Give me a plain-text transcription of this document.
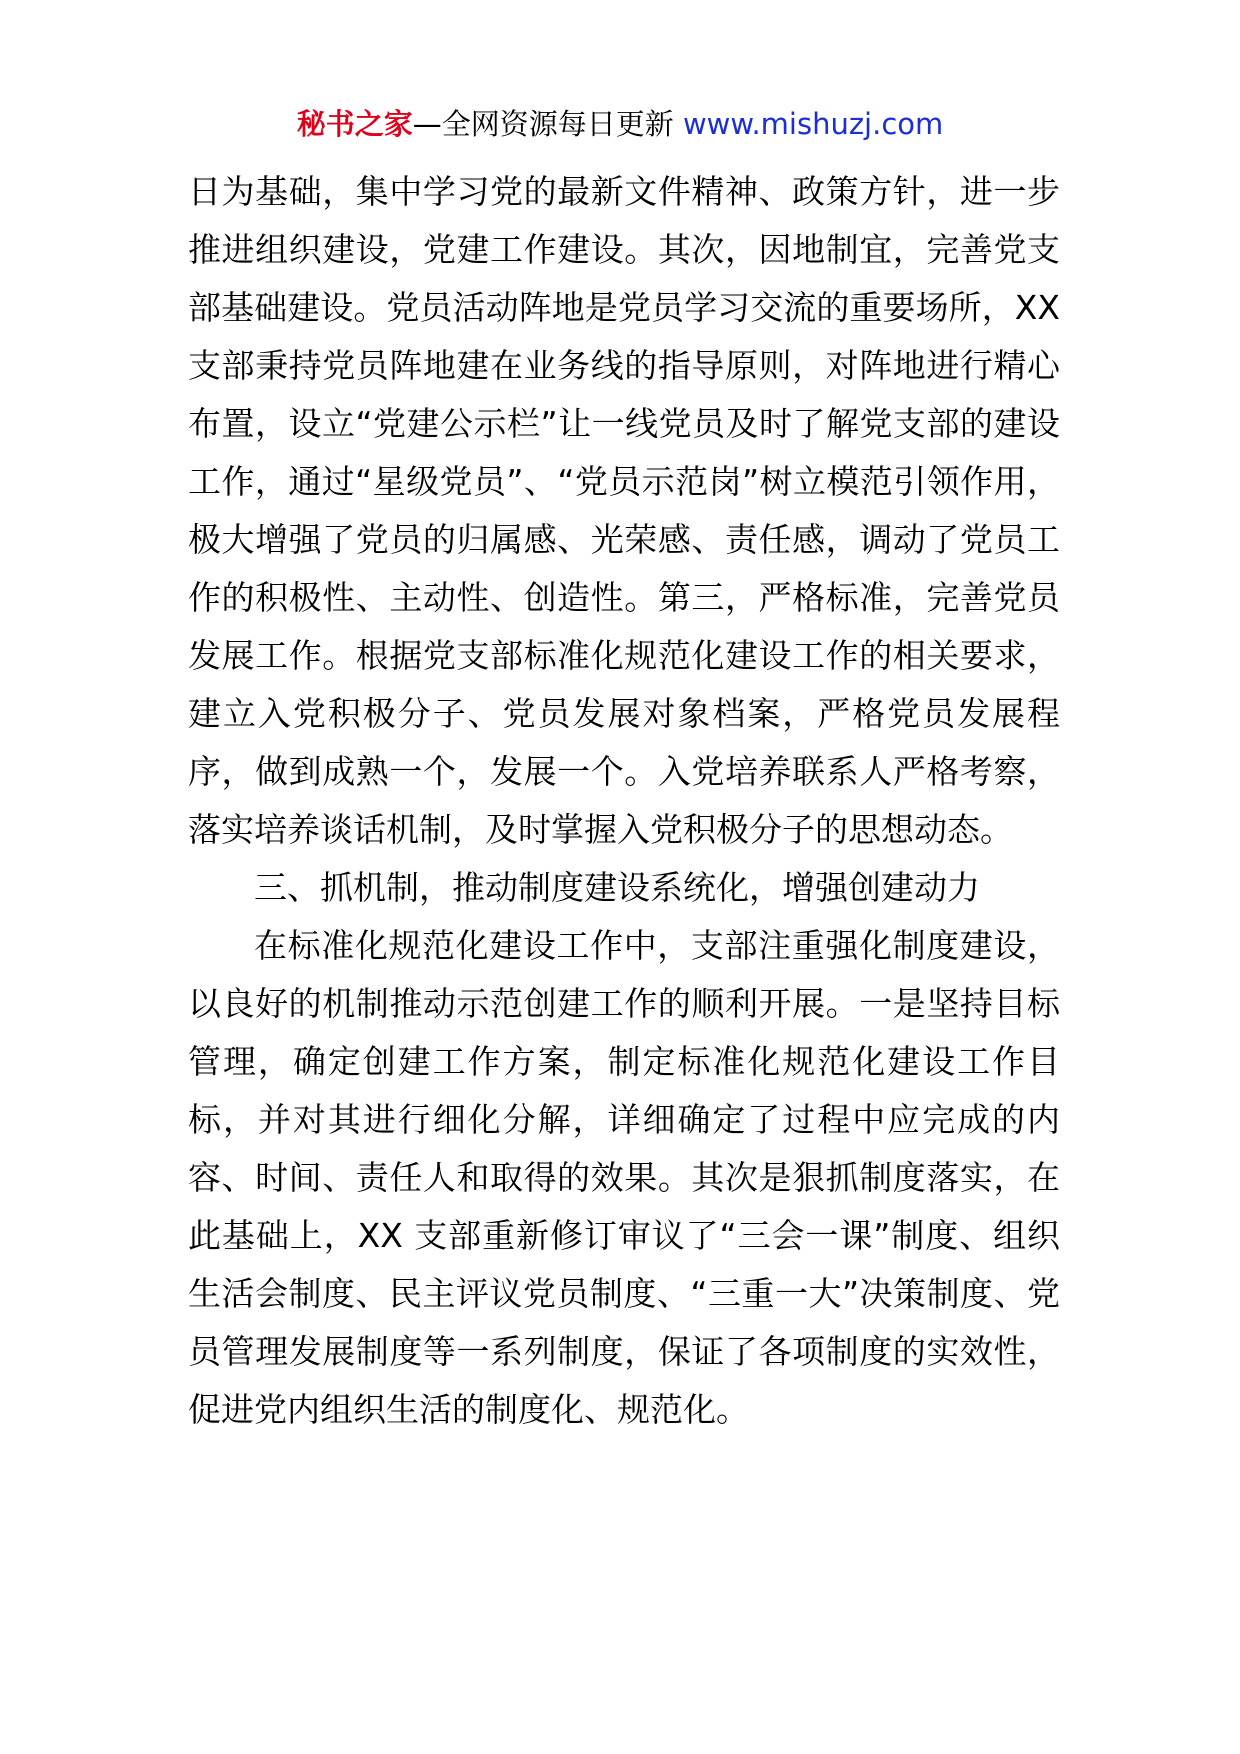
秘书之家—全网资源每日更新 www.mishuzj.com

日为基础，集中学习党的最新文件精神、政策方针，进一步推进组织建设，党建工作建设。其次，因地制宜，完善党支部基础建设。党员活动阵地是党员学习交流的重要场所，XX 支部秉持党员阵地建在业务线的指导原则，对阵地进行精心布置，设立“党建公示栏”让一线党员及时了解党支部的建设工作，通过“星级党员”、“党员示范岗”树立模范引领作用，极大增强了党员的归属感、光荣感、责任感，调动了党员工作的积极性、主动性、创造性。第三，严格标准，完善党员发展工作。根据党支部标准化规范化建设工作的相关要求，建立入党积极分子、党员发展对象档案，严格党员发展程序，做到成熟一个，发展一个。入党培养联系人严格考察，落实培养谈话机制，及时掌握入党积极分子的思想动态。

三、抓机制，推动制度建设系统化，增强创建动力

在标准化规范化建设工作中，支部注重强化制度建设，以良好的机制推动示范创建工作的顺利开展。一是坚持目标管理，确定创建工作方案，制定标准化规范化建设工作目标，并对其进行细化分解，详细确定了过程中应完成的内容、时间、责任人和取得的效果。其次是狠抓制度落实，在此基础上，XX 支部重新修订审议了“三会一课”制度、组织生活会制度、民主评议党员制度、“三重一大”决策制度、党员管理发展制度等一系列制度，保证了各项制度的实效性，促进党内组织生活的制度化、规范化。
